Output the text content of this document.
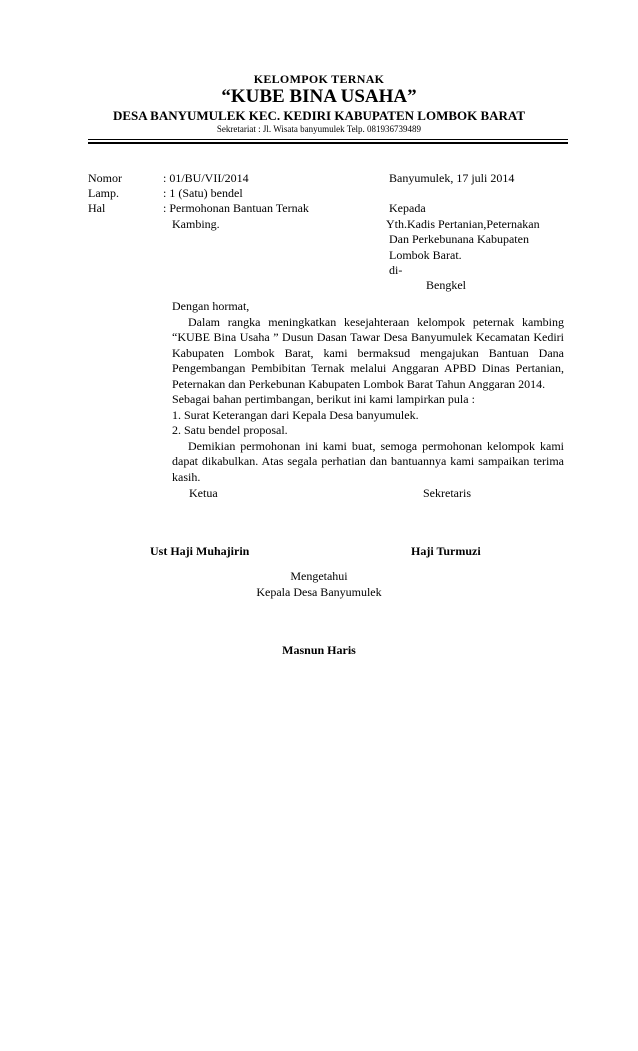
KELOMPOK TERNAK
“KUBE BINA USAHA”
DESA BANYUMULEK KEC. KEDIRI KABUPATEN LOMBOK BARAT
Sekretariat : Jl. Wisata banyumulek Telp. 081936739489
Nomor	: 01/BU/VII/2014
Lamp.	: 1 (Satu) bendel
Hal	: Permohonan Bantuan Ternak
Kambing.
Banyumulek, 17 juli 2014
Kepada
Yth.Kadis Pertanian,Peternakan
Dan Perkebunana Kabupaten
Lombok Barat.
di-
Bengkel

Dengan hormat,

Dalam rangka meningkatkan kesejahteraan kelompok peternak kambing “KUBE Bina Usaha ” Dusun Dasan Tawar Desa Banyumulek Kecamatan Kediri Kabupaten Lombok Barat, kami bermaksud mengajukan Bantuan Dana Pengembangan Pembibitan Ternak melalui Anggaran APBD Dinas Pertanian, Peternakan dan Perkebunan Kabupaten Lombok Barat Tahun Anggaran 2014.

Sebagai bahan pertimbangan, berikut ini kami lampirkan pula :

1. Surat Keterangan dari Kepala Desa banyumulek.
2. Satu bendel proposal.

Demikian permohonan ini kami buat, semoga permohonan kelompok kami dapat dikabulkan. Atas segala perhatian dan bantuannya kami sampaikan terima kasih.

Ketua	Sekretaris
Ust Haji Muhajirin	Haji Turmuzi
Mengetahui
Kepala Desa Banyumulek
Masnun Haris
